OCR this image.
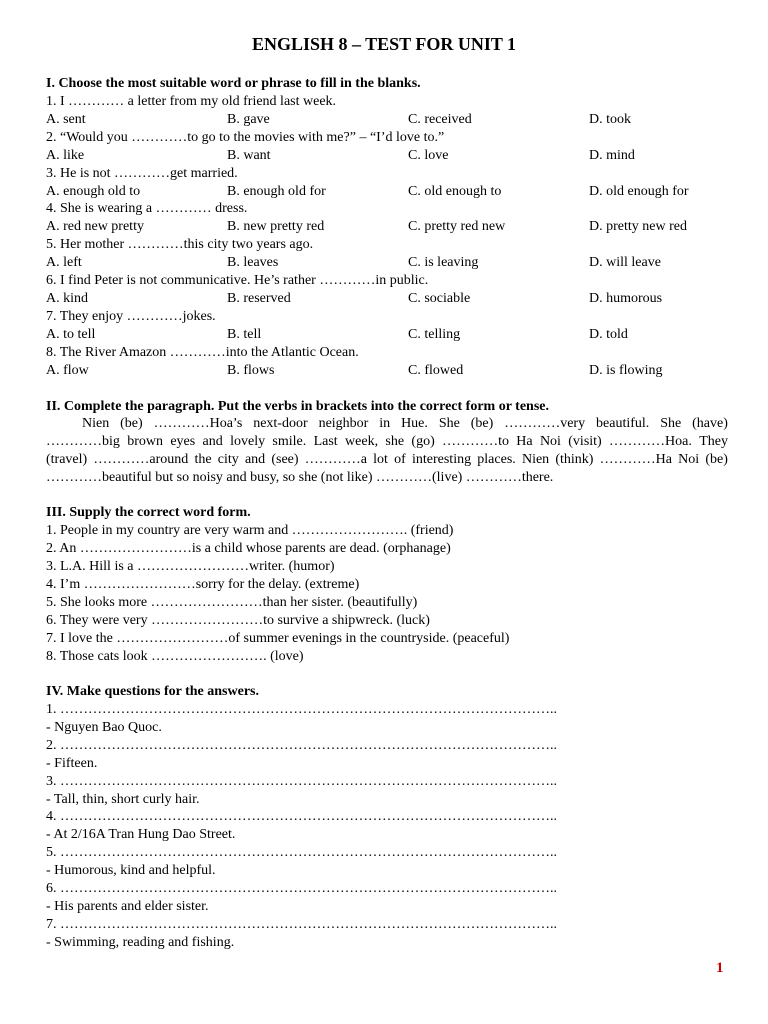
ENGLISH 8 – TEST FOR UNIT 1
I. Choose the most suitable word or phrase to fill in the blanks.
1. I ………… a letter from my old friend last week.
A. sent	B. gave	C. received	D. took
2. “Would you …………to go to the movies with me?” – “I’d love to.”
A. like	B. want	C. love	D. mind
3. He is not …………get married.
A. enough old to	B. enough old for	C. old enough to	D. old enough for
4. She is wearing a ………… dress.
A. red new pretty	B. new pretty red	C. pretty red new	D. pretty new red
5. Her mother …………this city two years ago.
A. left	B. leaves	C. is leaving	D. will leave
6. I find Peter is not communicative. He’s rather …………in public.
A. kind	B. reserved	C. sociable	D. humorous
7. They enjoy …………jokes.
A. to tell	B. tell	C. telling	D. told
8. The River Amazon …………into the Atlantic Ocean.
A. flow	B. flows	C. flowed	D. is flowing
II. Complete the paragraph. Put the verbs in brackets into the correct form or tense.
Nien (be) …………Hoa’s next-door neighbor in Hue. She (be) …………very beautiful. She (have)
…………big brown eyes and lovely smile. Last week, she (go) …………to Ha Noi (visit) …………Hoa. They
(travel) …………around the city and (see) …………a lot of interesting places. Nien (think) …………Ha Noi (be)
…………beautiful but so noisy and busy, so she (not like) …………(live) …………there.
III. Supply the correct word form.
1. People in my country are very warm and ……………………. (friend)
2. An ……………………is a child whose parents are dead. (orphanage)
3. L.A. Hill is a ……………………writer. (humor)
4. I’m ……………………sorry for the delay. (extreme)
5. She looks more ……………………than her sister. (beautifully)
6. They were very ……………………to survive a shipwreck. (luck)
7. I love the ……………………of summer evenings in the countryside. (peaceful)
8. Those cats look ……………………. (love)
IV. Make questions for the answers.
1. ……………………………………………………………………………………………..
- Nguyen Bao Quoc.
2. ……………………………………………………………………………………………..
- Fifteen.
3. ……………………………………………………………………………………………..
- Tall, thin, short curly hair.
4. ……………………………………………………………………………………………..
- At 2/16A Tran Hung Dao Street.
5. ……………………………………………………………………………………………..
- Humorous, kind and helpful.
6. ……………………………………………………………………………………………..
- His parents and elder sister.
7. ……………………………………………………………………………………………..
- Swimming, reading and fishing.
1
